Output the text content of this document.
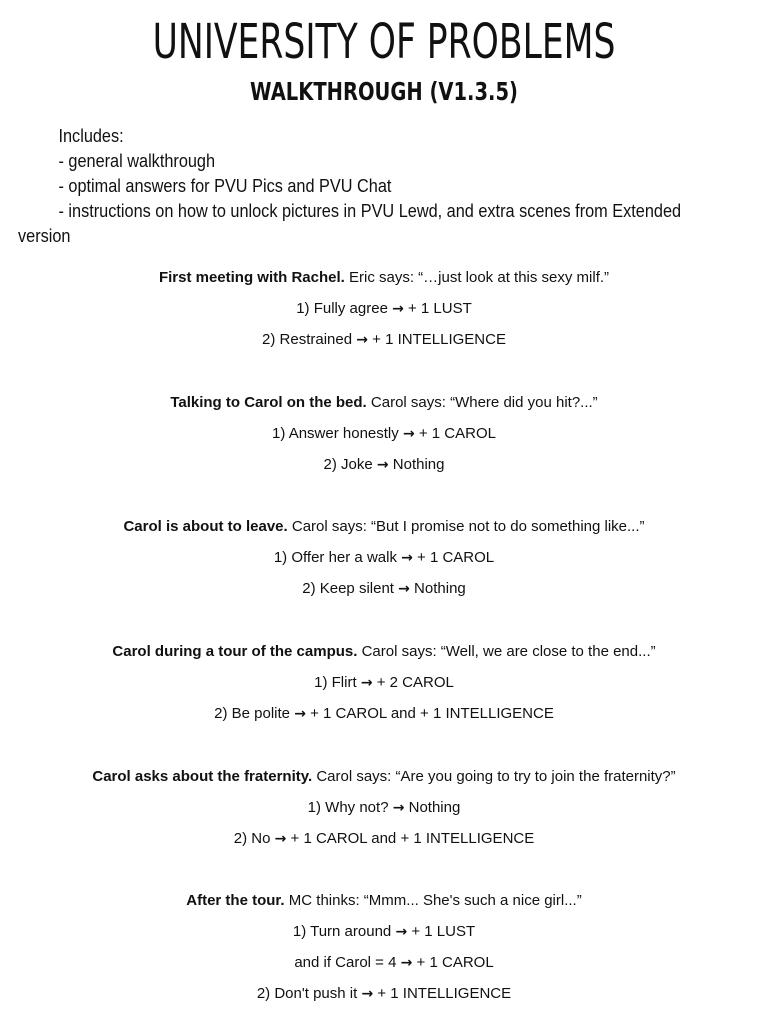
UNIVERSITY OF PROBLEMS
WALKTHROUGH (V1.3.5)
Includes:
- general walkthrough
- optimal answers for PVU Pics and PVU Chat
- instructions on how to unlock pictures in PVU Lewd, and extra scenes from Extended
version
First meeting with Rachel. Eric says: “…just look at this sexy milf.”
1) Fully agree → + 1 LUST
2) Restrained → + 1 INTELLIGENCE
Talking to Carol on the bed. Carol says: “Where did you hit?...”
1) Answer honestly → + 1 CAROL
2) Joke → Nothing
Carol is about to leave. Carol says: “But I promise not to do something like...”
1) Offer her a walk → + 1 CAROL
2) Keep silent → Nothing
Carol during a tour of the campus. Carol says: “Well, we are close to the end...”
1) Flirt → + 2 CAROL
2) Be polite → + 1 CAROL and + 1 INTELLIGENCE
Carol asks about the fraternity. Carol says: “Are you going to try to join the fraternity?”
1) Why not? → Nothing
2) No → + 1 CAROL and + 1 INTELLIGENCE
After the tour. MC thinks: “Mmm... She's such a nice girl...”
1) Turn around → + 1 LUST
and if Carol = 4 → + 1 CAROL
2) Don't push it → + 1 INTELLIGENCE
